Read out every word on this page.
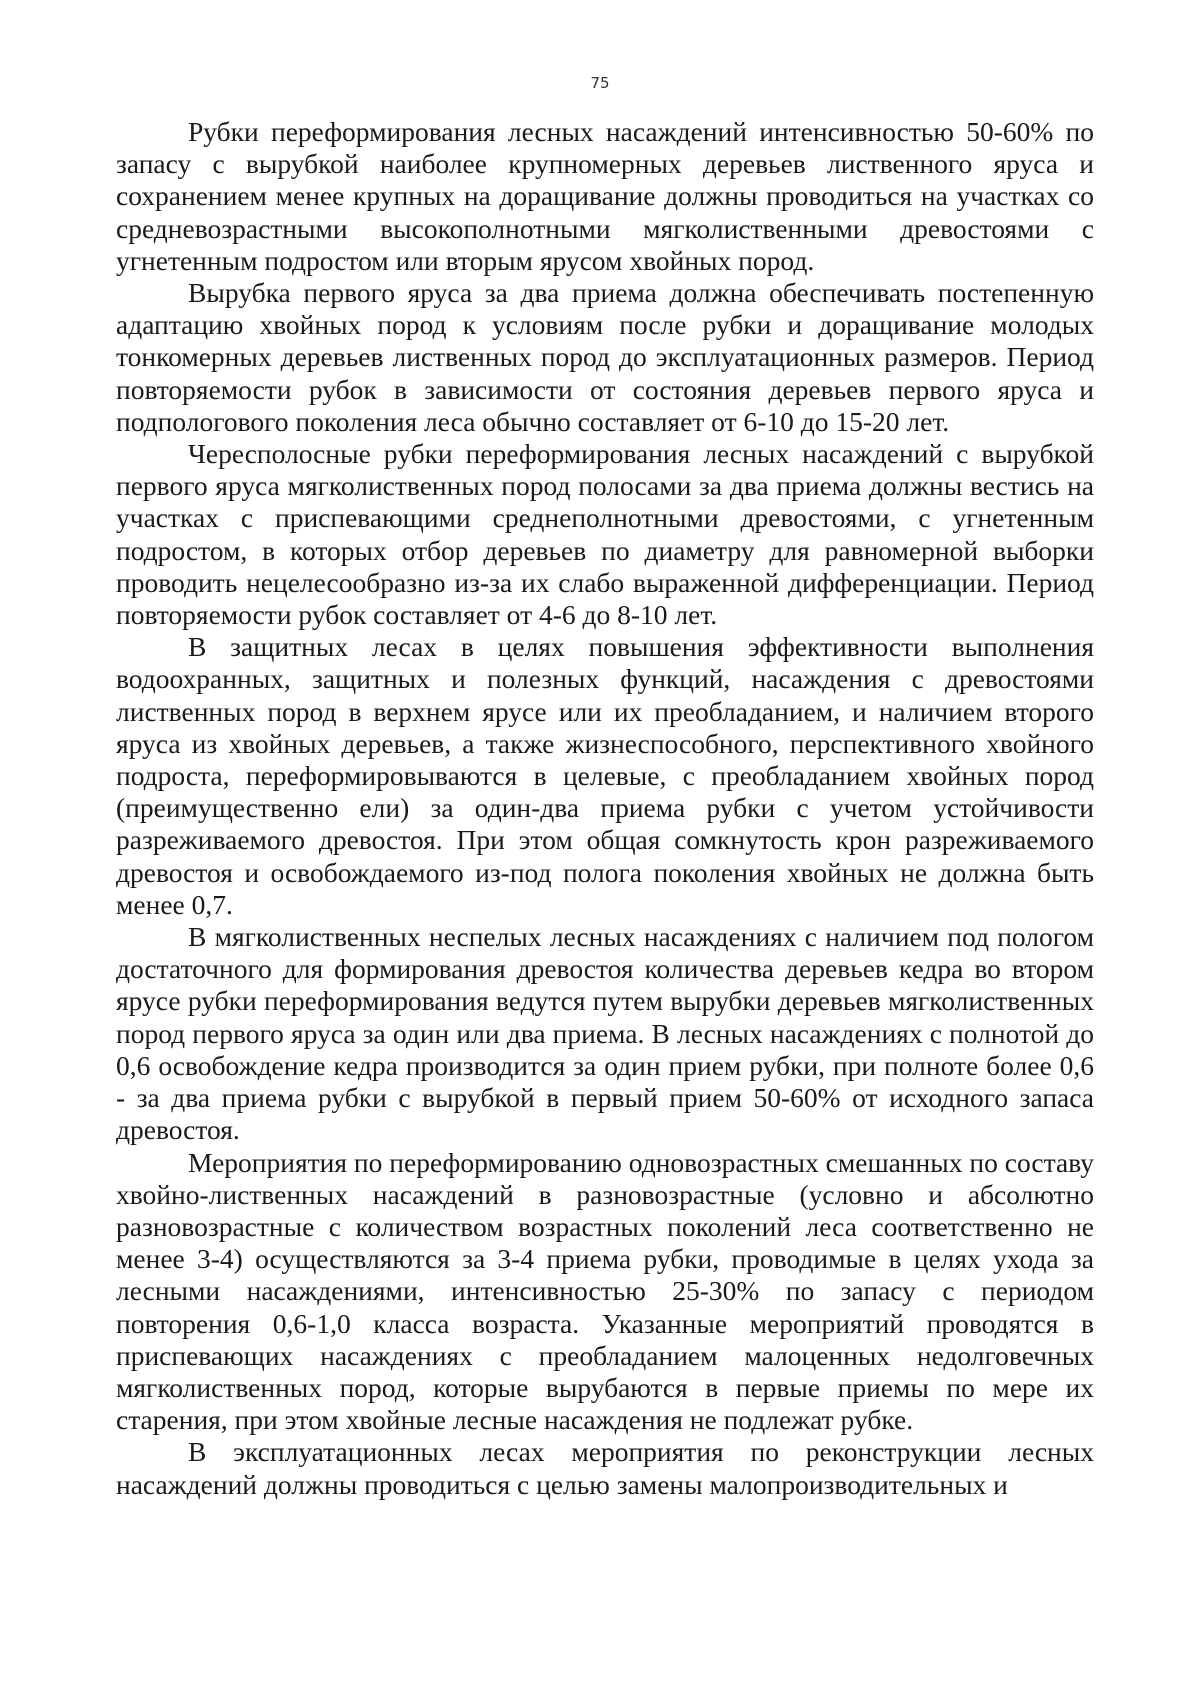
75

Рубки переформирования лесных насаждений интенсивностью 50-60% по запасу с вырубкой наиболее крупномерных деревьев лиственного яруса и сохранением менее крупных на доращивание должны проводиться на участках со средневозрастными высокополнотными мягколиственными древостоями с угнетенным подростом или вторым ярусом хвойных пород.

Вырубка первого яруса за два приема должна обеспечивать постепенную адаптацию хвойных пород к условиям после рубки и доращивание молодых тонкомерных деревьев лиственных пород до эксплуатационных размеров. Период повторяемости рубок в зависимости от состояния деревьев первого яруса и подпологового поколения леса обычно составляет от 6-10 до 15-20 лет.

Чересполосные рубки переформирования лесных насаждений с вырубкой первого яруса мягколиственных пород полосами за два приема должны вестись на участках с приспевающими среднеполнотными древостоями, с угнетенным подростом, в которых отбор деревьев по диаметру для равномерной выборки проводить нецелесообразно из-за их слабо выраженной дифференциации. Период повторяемости рубок составляет от 4-6 до 8-10 лет.

В защитных лесах в целях повышения эффективности выполнения водоохранных, защитных и полезных функций, насаждения с древостоями лиственных пород в верхнем ярусе или их преобладанием, и наличием второго яруса из хвойных деревьев, а также жизнеспособного, перспективного хвойного подроста, переформировываются в целевые, с преобладанием хвойных пород (преимущественно ели) за один-два приема рубки с учетом устойчивости разреживаемого древостоя. При этом общая сомкнутость крон разреживаемого древостоя и освобождаемого из-под полога поколения хвойных не должна быть менее 0,7.

В мягколиственных неспелых лесных насаждениях с наличием под пологом достаточного для формирования древостоя количества деревьев кедра во втором ярусе рубки переформирования ведутся путем вырубки деревьев мягколиственных пород первого яруса за один или два приема. В лесных насаждениях с полнотой до 0,6 освобождение кедра производится за один прием рубки, при полноте более 0,6 - за два приема рубки с вырубкой в первый прием 50-60% от исходного запаса древостоя.

Мероприятия по переформированию одновозрастных смешанных по составу хвойно-лиственных насаждений в разновозрастные (условно и абсолютно разновозрастные с количеством возрастных поколений леса соответственно не менее 3-4) осуществляются за 3-4 приема рубки, проводимые в целях ухода за лесными насаждениями, интенсивностью 25-30% по запасу с периодом повторения 0,6-1,0 класса возраста. Указанные мероприятий проводятся в приспевающих насаждениях с преобладанием малоценных недолговечных мягколиственных пород, которые вырубаются в первые приемы по мере их старения, при этом хвойные лесные насаждения не подлежат рубке.

В эксплуатационных лесах мероприятия по реконструкции лесных насаждений должны проводиться с целью замены малопроизводительных и
